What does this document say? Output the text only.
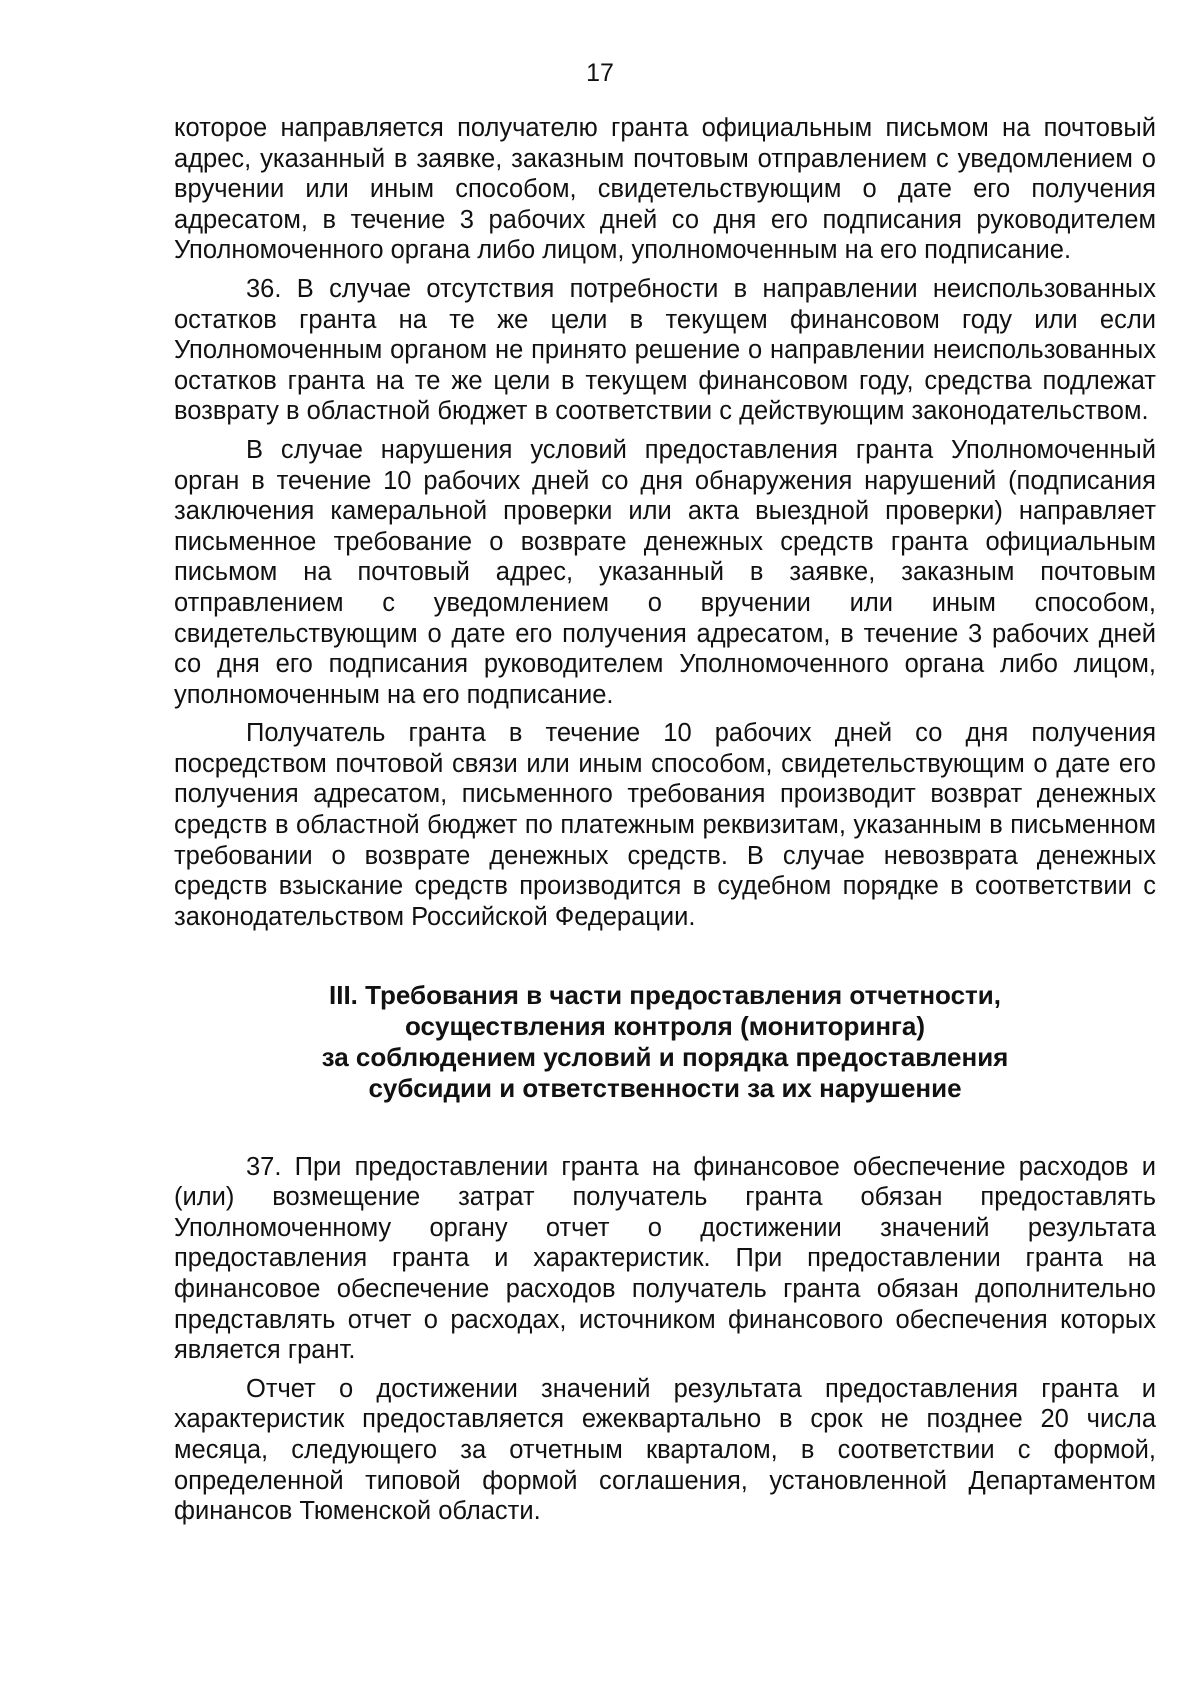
17

которое направляется получателю гранта официальным письмом на почтовый адрес, указанный в заявке, заказным почтовым отправлением с уведомлением о вручении или иным способом, свидетельствующим о дате его получения адресатом, в течение 3 рабочих дней со дня его подписания руководителем Уполномоченного органа либо лицом, уполномоченным на его подписание.

36. В случае отсутствия потребности в направлении неиспользованных остатков гранта на те же цели в текущем финансовом году или если Уполномоченным органом не принято решение о направлении неиспользованных остатков гранта на те же цели в текущем финансовом году, средства подлежат возврату в областной бюджет в соответствии с действующим законодательством.

В случае нарушения условий предоставления гранта Уполномоченный орган в течение 10 рабочих дней со дня обнаружения нарушений (подписания заключения камеральной проверки или акта выездной проверки) направляет письменное требование о возврате денежных средств гранта официальным письмом на почтовый адрес, указанный в заявке, заказным почтовым отправлением с уведомлением о вручении или иным способом, свидетельствующим о дате его получения адресатом, в течение 3 рабочих дней со дня его подписания руководителем Уполномоченного органа либо лицом, уполномоченным на его подписание.

Получатель гранта в течение 10 рабочих дней со дня получения посредством почтовой связи или иным способом, свидетельствующим о дате его получения адресатом, письменного требования производит возврат денежных средств в областной бюджет по платежным реквизитам, указанным в письменном требовании о возврате денежных средств. В случае невозврата денежных средств взыскание средств производится в судебном порядке в соответствии с законодательством Российской Федерации.

III. Требования в части предоставления отчетности,
осуществления контроля (мониторинга)
за соблюдением условий и порядка предоставления
субсидии и ответственности за их нарушение

37. При предоставлении гранта на финансовое обеспечение расходов и (или) возмещение затрат получатель гранта обязан предоставлять Уполномоченному органу отчет о достижении значений результата предоставления гранта и характеристик. При предоставлении гранта на финансовое обеспечение расходов получатель гранта обязан дополнительно представлять отчет о расходах, источником финансового обеспечения которых является грант.

Отчет о достижении значений результата предоставления гранта и характеристик предоставляется ежеквартально в срок не позднее 20 числа месяца, следующего за отчетным кварталом, в соответствии с формой, определенной типовой формой соглашения, установленной Департаментом финансов Тюменской области.
